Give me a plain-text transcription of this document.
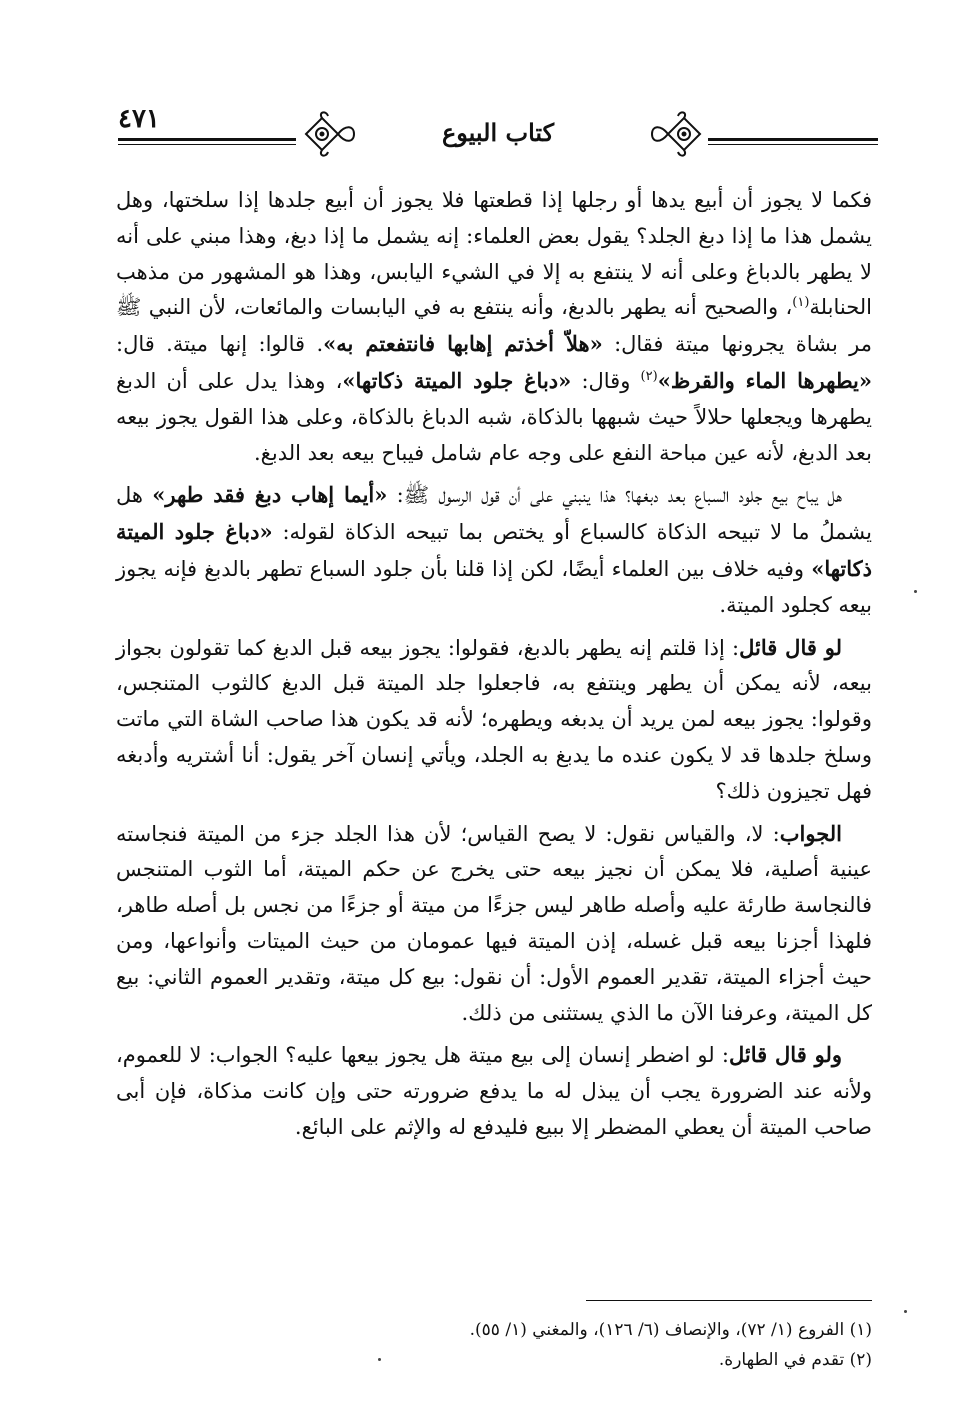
٤٧١	كتاب البيوع

فكما لا يجوز أن أبيع يدها أو رجلها إذا قطعتها فلا يجوز أن أبيع جلدها إذا سلختها، وهل يشمل هذا ما إذا دبغ الجلد؟ يقول بعض العلماء: إنه يشمل ما إذا دبغ، وهذا مبني على أنه لا يطهر بالدباغ وعلى أنه لا ينتفع به إلا في الشيء اليابس، وهذا هو المشهور من مذهب الحنابلة$^{(١)}$، والصحيح أنه يطهر بالدبغ، وأنه ينتفع به في اليابسات والمائعات، لأن النبي ﷺ مر بشاة يجرونها ميتة فقال: «هلاّ أخذتم إهابها فانتفعتم به». قالوا: إنها ميتة. قال: «يطهرها الماء والقرظ»$^{(٢)}$ وقال: «دباغ جلود الميتة ذكاتها»، وهذا يدل على أن الدبغ يطهرها ويجعلها حلالاً حيث شبهها بالذكاة، شبه الدباغ بالذكاة، وعلى هذا القول يجوز بيعه بعد الدبغ، لأنه عين مباحة النفع على وجه عام شامل فيباح بيعه بعد الدبغ.

هل يباح بيع جلود السباع بعد دبغها؟ هذا ينبني على أن قول الرسول ﷺ: «أيما إهاب دبغ فقد طهر» هل يشملُ ما لا تبيحه الذكاة كالسباع أو يختص بما تبيحه الذكاة لقوله: «دباغ جلود الميتة ذكاتها» وفيه خلاف بين العلماء أيضًا، لكن إذا قلنا بأن جلود السباع تطهر بالدبغ فإنه يجوز بيعه كجلود الميتة.

لو قال قائل: إذا قلتم إنه يطهر بالدبغ، فقولوا: يجوز بيعه قبل الدبغ كما تقولون بجواز بيعه، لأنه يمكن أن يطهر وينتفع به، فاجعلوا جلد الميتة قبل الدبغ كالثوب المتنجس، وقولوا: يجوز بيعه لمن يريد أن يدبغه ويطهره؛ لأنه قد يكون هذا صاحب الشاة التي ماتت وسلخ جلدها قد لا يكون عنده ما يدبغ به الجلد، ويأتي إنسان آخر يقول: أنا أشتريه وأدبغه فهل تجيزون ذلك؟

الجواب: لا، والقياس نقول: لا يصح القياس؛ لأن هذا الجلد جزء من الميتة فنجاسته عينية أصلية، فلا يمكن أن نجيز بيعه حتى يخرج عن حكم الميتة، أما الثوب المتنجس فالنجاسة طارئة عليه وأصله طاهر ليس جزءًا من ميتة أو جزءًا من نجس بل أصله طاهر، فلهذا أجزنا بيعه قبل غسله، إذن الميتة فيها عمومان من حيث الميتات وأنواعها، ومن حيث أجزاء الميتة، تقدير العموم الأول: أن نقول: بيع كل ميتة، وتقدير العموم الثاني: بيع كل الميتة، وعرفنا الآن ما الذي يستثنى من ذلك.

ولو قال قائل: لو اضطر إنسان إلى بيع ميتة هل يجوز بيعها عليه؟ الجواب: لا للعموم، ولأنه عند الضرورة يجب أن يبذل له ما يدفع ضرورته حتى وإن كانت مذكاة، فإن أبى صاحب الميتة أن يعطي المضطر إلا ببيع فليدفع له والإثم على البائع.

(١) الفروع (١/ ٧٢)، والإنصاف (٦/ ١٢٦)، والمغني (١/ ٥٥).

(٢) تقدم في الطهارة.
